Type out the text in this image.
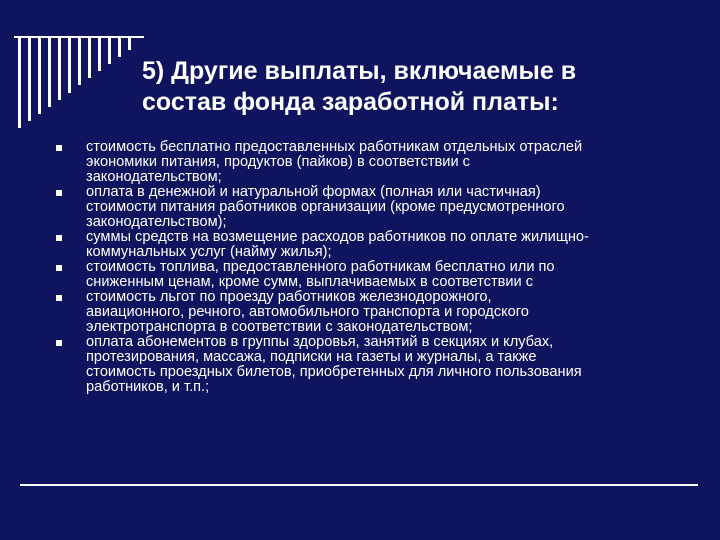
5) Другие выплаты, включаемые в
состав фонда заработной платы:
стоимость бесплатно предоставленных работникам отдельных отраслей
экономики питания, продуктов (пайков) в соответствии с
законодательством;
оплата в денежной и натуральной формах (полная или частичная)
стоимости питания работников организации (кроме предусмотренного
законодательством);
суммы средств на возмещение расходов работников по оплате жилищно-
коммунальных услуг (найму жилья);
стоимость топлива, предоставленного работникам бесплатно или по
сниженным ценам, кроме сумм, выплачиваемых в соответствии с
стоимость льгот по проезду работников железнодорожного,
авиационного, речного, автомобильного транспорта и городского
электротранспорта в соответствии с законодательством;
оплата абонементов в группы здоровья, занятий в секциях и клубах,
протезирования, массажа, подписки на газеты и журналы, а также
стоимость проездных билетов, приобретенных для личного пользования
работников, и т.п.;
